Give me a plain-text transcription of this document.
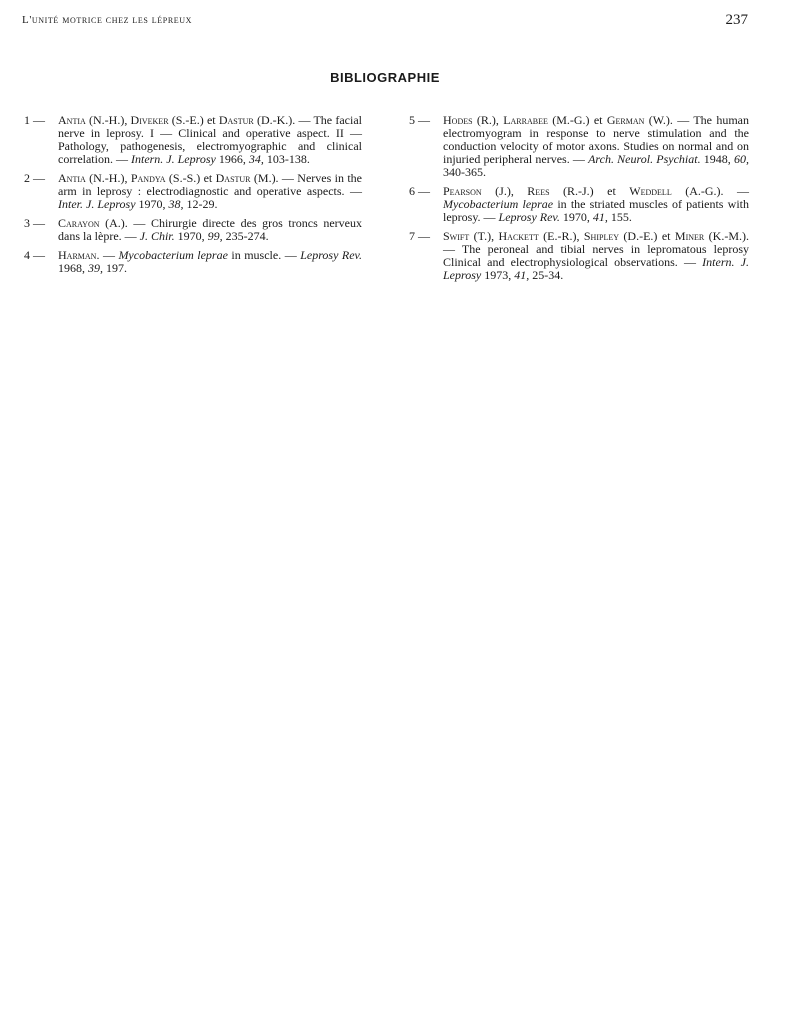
L'unité motrice chez les lépreux	237
BIBLIOGRAPHIE
1 —	Antia (N.-H.), Diveker (S.-E.) et Dastur (D.-K.). — The facial nerve in leprosy. I — Clinical and operative aspect. II — Pathology, pathogenesis, electromyographic and clinical correlation. — Intern. J. Leprosy 1966, 34, 103-138.
2 —	Antia (N.-H.), Pandya (S.-S.) et Dastur (M.). — Nerves in the arm in leprosy : electrodiagnostic and operative aspects. — Inter. J. Leprosy 1970, 38, 12-29.
3 —	Carayon (A.). — Chirurgie directe des gros troncs nerveux dans la lèpre. — J. Chir. 1970, 99, 235-274.
4 —	Harman. — Mycobacterium leprae in muscle. — Leprosy Rev. 1968, 39, 197.
5 —	Hodes (R.), Larrabee (M.-G.) et German (W.). — The human electromyogram in response to nerve stimulation and the conduction velocity of motor axons. Studies on normal and on injuried peripheral nerves. — Arch. Neurol. Psychiat. 1948, 60, 340-365.
6 —	Pearson (J.), Rees (R.-J.) et Weddell (A.-G.). — Mycobacterium leprae in the striated muscles of patients with leprosy. — Leprosy Rev. 1970, 41, 155.
7 —	Swift (T.), Hackett (E.-R.), Shipley (D.-E.) et Miner (K.-M.). — The peroneal and tibial nerves in lepromatous leprosy Clinical and electrophysiological observations. — Intern. J. Leprosy 1973, 41, 25-34.
